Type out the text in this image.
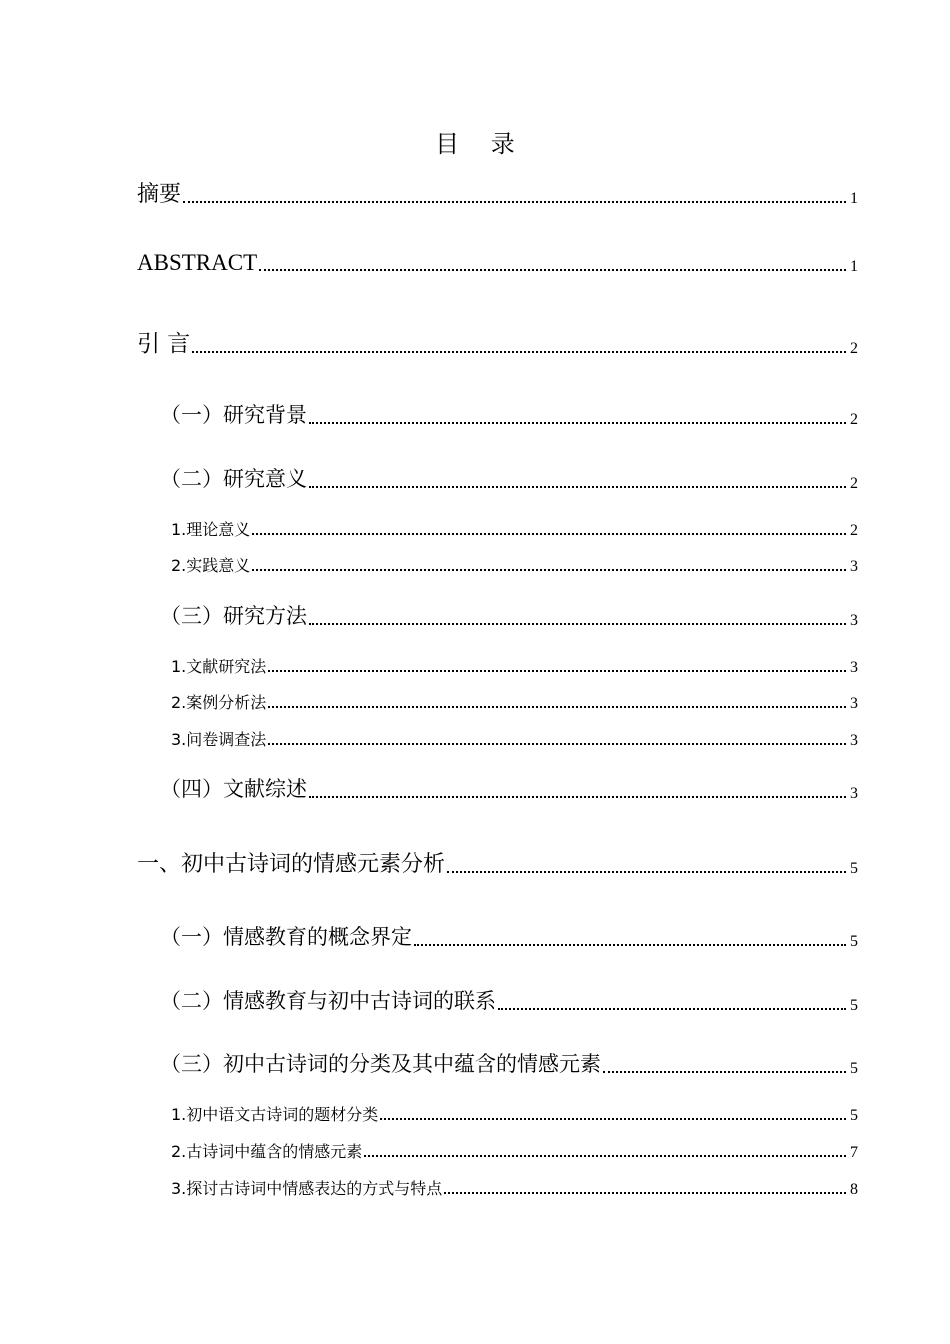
目 录
摘要	1
ABSTRACT	1
引 言	2
（一）研究背景	2
（二）研究意义	2
1.理论意义	2
2.实践意义	3
（三）研究方法	3
1.文献研究法	3
2.案例分析法	3
3.问卷调查法	3
（四）文献综述	3
一、初中古诗词的情感元素分析	5
（一）情感教育的概念界定	5
（二）情感教育与初中古诗词的联系	5
（三）初中古诗词的分类及其中蕴含的情感元素	5
1.初中语文古诗词的题材分类	5
2.古诗词中蕴含的情感元素	7
3.探讨古诗词中情感表达的方式与特点	8
